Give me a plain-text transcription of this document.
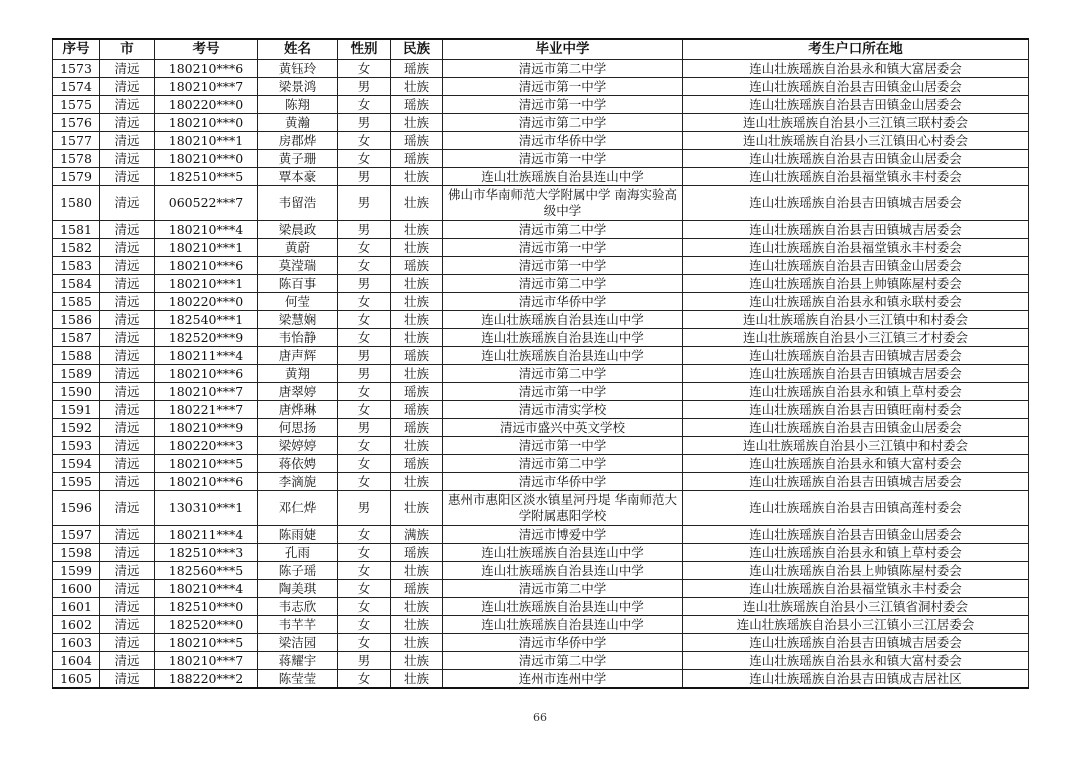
序号	市	考号	姓名	性别	民族	毕业中学	考生户口所在地
1573	清远	180210***6	黄钰玲	女	瑶族	清远市第二中学	连山壮族瑶族自治县永和镇大富居委会
1574	清远	180210***7	梁景鸿	男	壮族	清远市第一中学	连山壮族瑶族自治县吉田镇金山居委会
1575	清远	180220***0	陈翔	女	瑶族	清远市第一中学	连山壮族瑶族自治县吉田镇金山居委会
1576	清远	180210***0	黄瀚	男	壮族	清远市第二中学	连山壮族瑶族自治县小三江镇三联村委会
1577	清远	180210***1	房郡烨	女	瑶族	清远市华侨中学	连山壮族瑶族自治县小三江镇田心村委会
1578	清远	180210***0	黄子珊	女	瑶族	清远市第一中学	连山壮族瑶族自治县吉田镇金山居委会
1579	清远	182510***5	覃本豪	男	壮族	连山壮族瑶族自治县连山中学	连山壮族瑶族自治县福堂镇永丰村委会
1580	清远	060522***7	韦留浩	男	壮族	佛山市华南师范大学附属中学 南海实验高级中学	连山壮族瑶族自治县吉田镇城吉居委会
1581	清远	180210***4	梁晨政	男	壮族	清远市第二中学	连山壮族瑶族自治县吉田镇城吉居委会
1582	清远	180210***1	黄蔚	女	壮族	清远市第一中学	连山壮族瑶族自治县福堂镇永丰村委会
1583	清远	180210***6	莫滢瑞	女	瑶族	清远市第一中学	连山壮族瑶族自治县吉田镇金山居委会
1584	清远	180210***1	陈百事	男	壮族	清远市第二中学	连山壮族瑶族自治县上帅镇陈屋村委会
1585	清远	180220***0	何莹	女	壮族	清远市华侨中学	连山壮族瑶族自治县永和镇永联村委会
1586	清远	182540***1	梁慧娴	女	壮族	连山壮族瑶族自治县连山中学	连山壮族瑶族自治县小三江镇中和村委会
1587	清远	182520***9	韦怡静	女	壮族	连山壮族瑶族自治县连山中学	连山壮族瑶族自治县小三江镇三才村委会
1588	清远	180211***4	唐声辉	男	瑶族	连山壮族瑶族自治县连山中学	连山壮族瑶族自治县吉田镇城吉居委会
1589	清远	180210***6	黄翔	男	壮族	清远市第二中学	连山壮族瑶族自治县吉田镇城吉居委会
1590	清远	180210***7	唐翠婷	女	瑶族	清远市第一中学	连山壮族瑶族自治县永和镇上草村委会
1591	清远	180221***7	唐烨琳	女	瑶族	清远市清实学校	连山壮族瑶族自治县吉田镇旺南村委会
1592	清远	180210***9	何思扬	男	瑶族	清远市盛兴中英文学校	连山壮族瑶族自治县吉田镇金山居委会
1593	清远	180220***3	梁婷婷	女	壮族	清远市第一中学	连山壮族瑶族自治县小三江镇中和村委会
1594	清远	180210***5	蒋依娉	女	瑶族	清远市第二中学	连山壮族瑶族自治县永和镇大富村委会
1595	清远	180210***6	李滴旎	女	壮族	清远市华侨中学	连山壮族瑶族自治县吉田镇城吉居委会
1596	清远	130310***1	邓仁烨	男	壮族	惠州市惠阳区淡水镇星河丹堤 华南师范大学附属惠阳学校	连山壮族瑶族自治县吉田镇高莲村委会
1597	清远	180211***4	陈雨婕	女	满族	清远市博爱中学	连山壮族瑶族自治县吉田镇金山居委会
1598	清远	182510***3	孔雨	女	瑶族	连山壮族瑶族自治县连山中学	连山壮族瑶族自治县永和镇上草村委会
1599	清远	182560***5	陈子瑶	女	壮族	连山壮族瑶族自治县连山中学	连山壮族瑶族自治县上帅镇陈屋村委会
1600	清远	180210***4	陶美琪	女	瑶族	清远市第二中学	连山壮族瑶族自治县福堂镇永丰村委会
1601	清远	182510***0	韦志欣	女	壮族	连山壮族瑶族自治县连山中学	连山壮族瑶族自治县小三江镇省洞村委会
1602	清远	182520***0	韦芊芊	女	壮族	连山壮族瑶族自治县连山中学	连山壮族瑶族自治县小三江镇小三江居委会
1603	清远	180210***5	梁洁园	女	壮族	清远市华侨中学	连山壮族瑶族自治县吉田镇城吉居委会
1604	清远	180210***7	蒋耀宇	男	壮族	清远市第二中学	连山壮族瑶族自治县永和镇大富村委会
1605	清远	188220***2	陈莹莹	女	壮族	连州市连州中学	连山壮族瑶族自治县吉田镇成吉居社区
66
